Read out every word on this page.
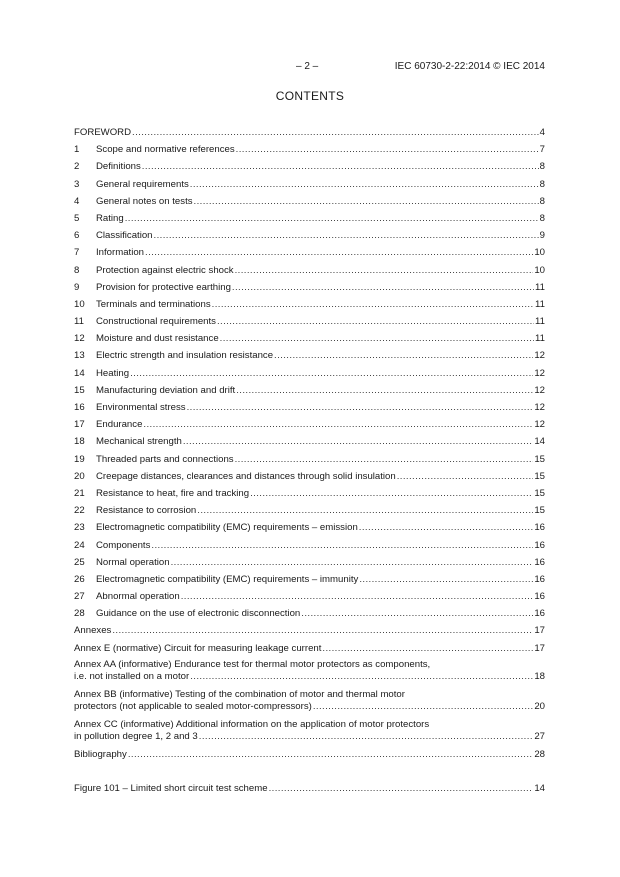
– 2 –	IEC 60730-2-22:2014 © IEC 2014
CONTENTS
FOREWORD .....	4
1	Scope and normative references .....	7
2	Definitions .....	8
3	General requirements .....	8
4	General notes on tests .....	8
5	Rating .....	8
6	Classification .....	9
7	Information .....	10
8	Protection against electric shock .....	10
9	Provision for protective earthing .....	11
10	Terminals and terminations .....	11
11	Constructional requirements .....	11
12	Moisture and dust resistance .....	11
13	Electric strength and insulation resistance .....	12
14	Heating .....	12
15	Manufacturing deviation and drift .....	12
16	Environmental stress .....	12
17	Endurance .....	12
18	Mechanical strength .....	14
19	Threaded parts and connections .....	15
20	Creepage distances, clearances and distances through solid insulation .....	15
21	Resistance to heat, fire and tracking .....	15
22	Resistance to corrosion .....	15
23	Electromagnetic compatibility (EMC) requirements – emission .....	16
24	Components .....	16
25	Normal operation .....	16
26	Electromagnetic compatibility (EMC) requirements – immunity .....	16
27	Abnormal operation .....	16
28	Guidance on the use of electronic disconnection .....	16
Annexes .....	17
Annex E (normative) Circuit for measuring leakage current .....	17
Annex AA (informative) Endurance test for thermal motor protectors as components,
i.e. not installed on a motor .....	18
Annex BB (informative) Testing of the combination of motor and thermal motor
protectors (not applicable to sealed motor-compressors) .....	20
Annex CC (informative) Additional information on the application of motor protectors
in pollution degree 1, 2 and 3 .....	27
Bibliography .....	28
Figure 101 – Limited short circuit test scheme .....	14
